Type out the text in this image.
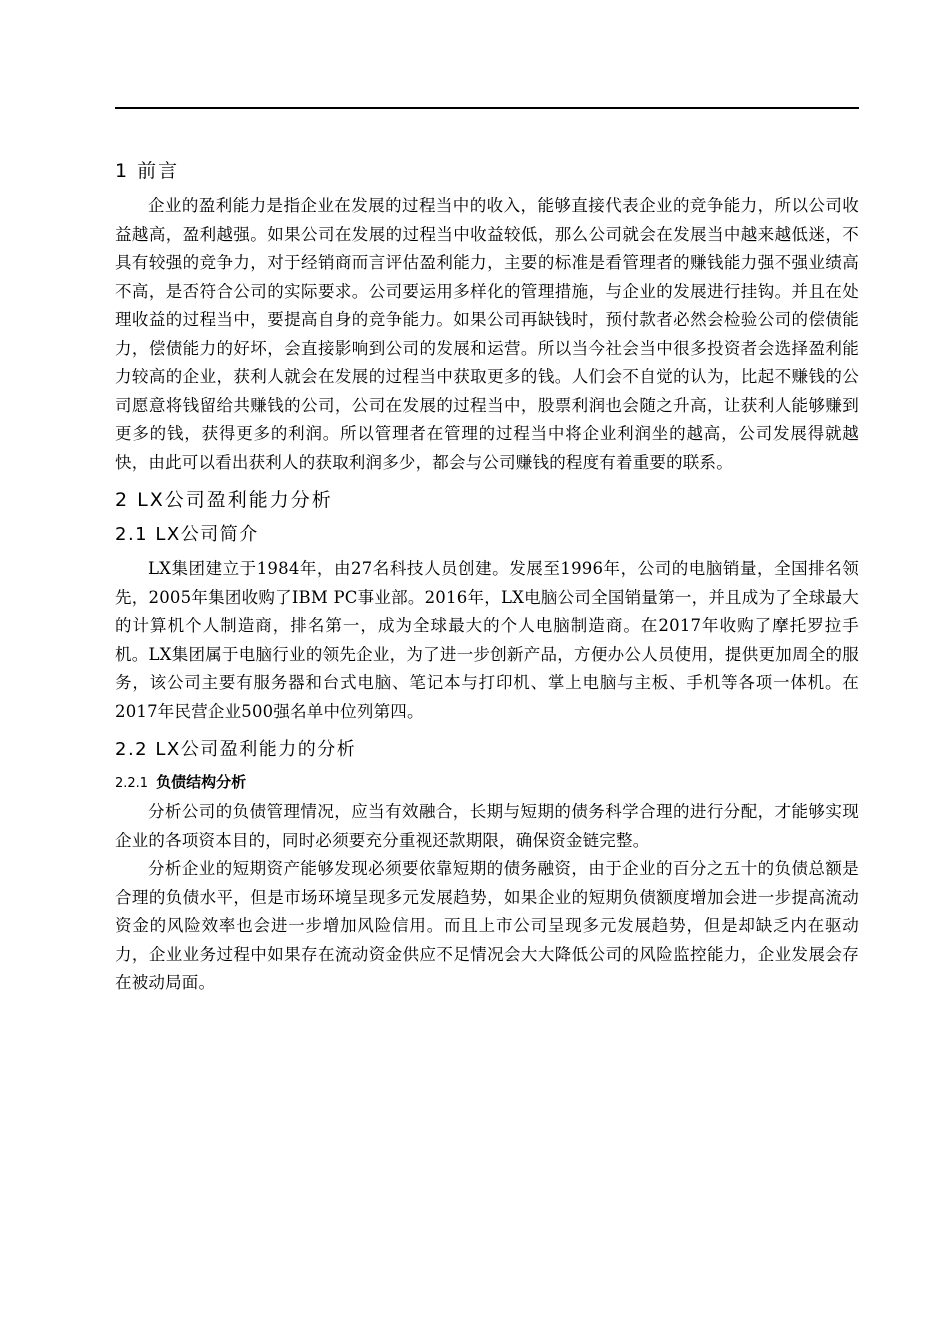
1 前言

企业的盈利能力是指企业在发展的过程当中的收入，能够直接代表企业的竞争能力，所以公司收益越高，盈利越强。如果公司在发展的过程当中收益较低，那么公司就会在发展当中越来越低迷，不具有较强的竞争力，对于经销商而言评估盈利能力，主要的标准是看管理者的赚钱能力强不强业绩高不高，是否符合公司的实际要求。公司要运用多样化的管理措施，与企业的发展进行挂钩。并且在处理收益的过程当中，要提高自身的竞争能力。如果公司再缺钱时，预付款者必然会检验公司的偿债能力，偿债能力的好坏，会直接影响到公司的发展和运营。所以当今社会当中很多投资者会选择盈利能力较高的企业，获利人就会在发展的过程当中获取更多的钱。人们会不自觉的认为，比起不赚钱的公司愿意将钱留给共赚钱的公司，公司在发展的过程当中，股票利润也会随之升高，让获利人能够赚到更多的钱，获得更多的利润。所以管理者在管理的过程当中将企业利润坐的越高，公司发展得就越快，由此可以看出获利人的获取利润多少，都会与公司赚钱的程度有着重要的联系。

2 LX公司盈利能力分析
2.1 LX公司简介

LX集团建立于1984年，由27名科技人员创建。发展至1996年，公司的电脑销量，全国排名领先，2005年集团收购了IBM PC事业部。2016年，LX电脑公司全国销量第一，并且成为了全球最大的计算机个人制造商，排名第一，成为全球最大的个人电脑制造商。在2017年收购了摩托罗拉手机。LX集团属于电脑行业的领先企业，为了进一步创新产品，方便办公人员使用，提供更加周全的服务，该公司主要有服务器和台式电脑、笔记本与打印机、掌上电脑与主板、手机等各项一体机。在2017年民营企业500强名单中位列第四。

2.2 LX公司盈利能力的分析
2.2.1 负债结构分析

分析公司的负债管理情况，应当有效融合，长期与短期的债务科学合理的进行分配，才能够实现企业的各项资本目的，同时必须要充分重视还款期限，确保资金链完整。

分析企业的短期资产能够发现必须要依靠短期的债务融资，由于企业的百分之五十的负债总额是合理的负债水平，但是市场环境呈现多元发展趋势，如果企业的短期负债额度增加会进一步提高流动资金的风险效率也会进一步增加风险信用。而且上市公司呈现多元发展趋势，但是却缺乏内在驱动力，企业业务过程中如果存在流动资金供应不足情况会大大降低公司的风险监控能力，企业发展会存在被动局面。
